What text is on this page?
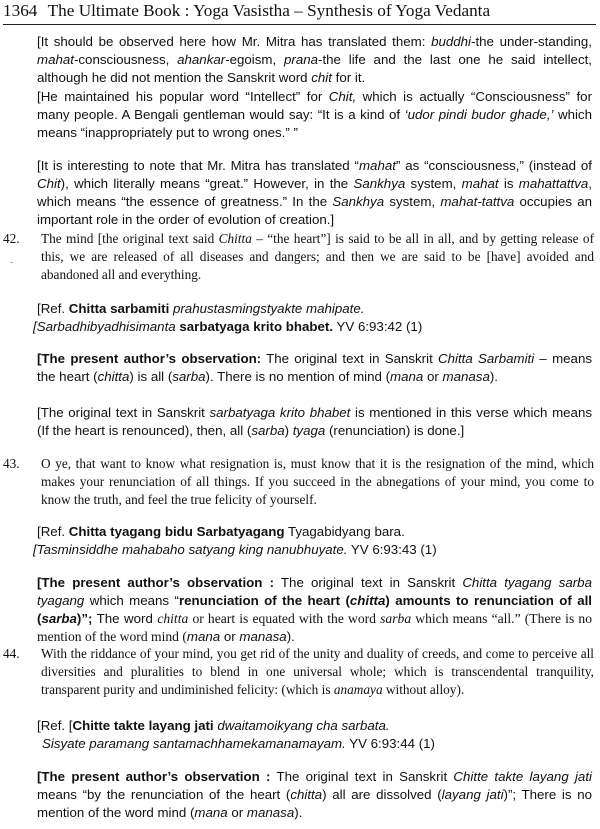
1364 The Ultimate Book : Yoga Vasistha – Synthesis of Yoga Vedanta
[It should be observed here how Mr. Mitra has translated them: buddhi-the under-standing, mahat-consciousness, ahankar-egoism, prana-the life and the last one he said intellect, although he did not mention the Sanskrit word chit for it.
[He maintained his popular word “Intellect” for Chit, which is actually “Consciousness” for many people. A Bengali gentleman would say: “It is a kind of ‘udor pindi budor ghade,’ which means “inappropriately put to wrong ones.” ”
[It is interesting to note that Mr. Mitra has translated “mahat” as “consciousness,” (instead of Chit), which literally means “great.” However, in the Sankhya system, mahat is mahattattva, which means “the essence of greatness.” In the Sankhya system, mahat-tattva occupies an important role in the order of evolution of creation.]
42. The mind [the original text said Chitta – “the heart”] is said to be all in all, and by getting release of this, we are released of all diseases and dangers; and then we are said to be [have] avoided and abandoned all and everything.
[Ref. Chitta sarbamiti prahustasmingstyakte mahipate.
[Sarbadhibyadhisimanta sarbatyaga krito bhabet. YV 6:93:42 (1)
[The present author’s observation: The original text in Sanskrit Chitta Sarbamiti – means the heart (chitta) is all (sarba). There is no mention of mind (mana or manasa).
[The original text in Sanskrit sarbatyaga krito bhabet is mentioned in this verse which means (If the heart is renounced), then, all (sarba) tyaga (renunciation) is done.]
43. O ye, that want to know what resignation is, must know that it is the resignation of the mind, which makes your renunciation of all things. If you succeed in the abnegations of your mind, you come to know the truth, and feel the true felicity of yourself.
[Ref. Chitta tyagang bidu Sarbatyagang Tyagabidyang bara.
[Tasminsiddhe mahabaho satyang king nanubhuyate. YV 6:93:43 (1)
[The present author’s observation : The original text in Sanskrit Chitta tyagang sarba tyagang which means “renunciation of the heart (chitta) amounts to renunciation of all (sarba)”; The word chitta or heart is equated with the word sarba which means “all.” (There is no mention of the word mind (mana or manasa).
44. With the riddance of your mind, you get rid of the unity and duality of creeds, and come to perceive all diversities and pluralities to blend in one universal whole; which is transcendental tranquility, transparent purity and undiminished felicity: (which is anamaya without alloy).
[Ref. [Chitte takte layang jati dwaitamoikyang cha sarbata.
Sisyate paramang santamachhamekamanamayam. YV 6:93:44 (1)
[The present author’s observation : The original text in Sanskrit Chitte takte layang jati means “by the renunciation of the heart (chitta) all are dissolved (layang jati)”; There is no mention of the word mind (mana or manasa).
